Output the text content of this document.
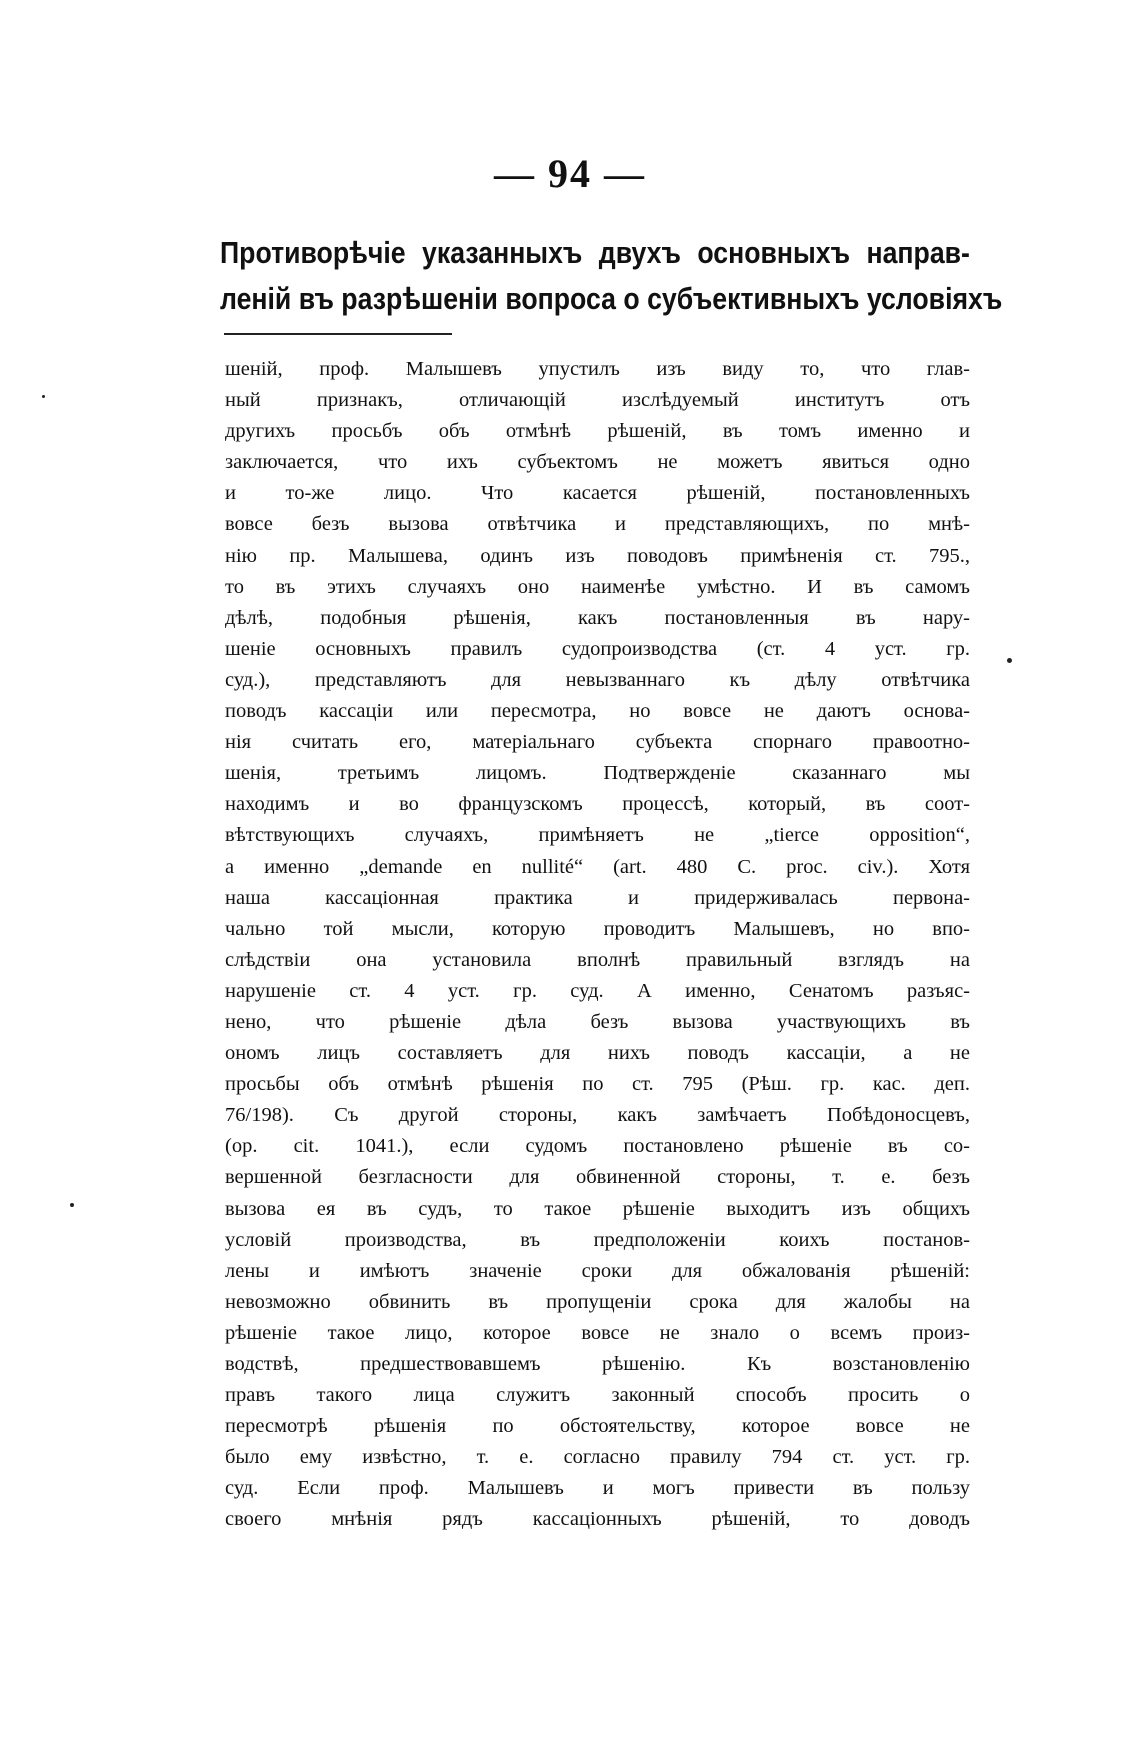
— 94 —
Противорѣчіе указанныхъ двухъ основныхъ направ-
леній въ разрѣшеніи вопроса о субъективныхъ условіяхъ
шеній, проф. Малышевъ упустилъ изъ виду то, что глав-
ный признакъ, отличающій изслѣдуемый институтъ отъ
другихъ просьбъ объ отмѣнѣ рѣшеній, въ томъ именно и
заключается, что ихъ субъектомъ не можетъ явиться одно
и то-же лицо. Что касается рѣшеній, постановленныхъ
вовсе безъ вызова отвѣтчика и представляющихъ, по мнѣ-
нію пр. Малышева, одинъ изъ поводовъ примѣненія ст. 795.,
то въ этихъ случаяхъ оно наименѣе умѣстно. И въ самомъ
дѣлѣ, подобныя рѣшенія, какъ постановленныя въ нару-
шеніе основныхъ правилъ судопроизводства (ст. 4 уст. гр.
суд.), представляютъ для невызваннаго къ дѣлу отвѣтчика
поводъ кассаціи или пересмотра, но вовсе не даютъ основа-
нія считать его, матеріальнаго субъекта спорнаго правоотно-
шенія, третьимъ лицомъ. Подтвержденіе сказаннаго мы
находимъ и во французскомъ процессѣ, который, въ соот-
вѣтствующихъ случаяхъ, примѣняетъ не „tierce opposition“,
а именно „demande en nullité“ (art. 480 C. proc. civ.). Хотя
наша кассаціонная практика и придерживалась первона-
чально той мысли, которую проводитъ Малышевъ, но впо-
слѣдствіи она установила вполнѣ правильный взглядъ на
нарушеніе ст. 4 уст. гр. суд. А именно, Сенатомъ разъяс-
нено, что рѣшеніе дѣла безъ вызова участвующихъ въ
ономъ лицъ составляетъ для нихъ поводъ кассаціи, а не
просьбы объ отмѣнѣ рѣшенія по ст. 795 (Рѣш. гр. кас. деп.
76/198). Съ другой стороны, какъ замѣчаетъ Побѣдоносцевъ,
(op. cit. 1041.), если судомъ постановлено рѣшеніе въ со-
вершенной безгласности для обвиненной стороны, т. е. безъ
вызова ея въ судъ, то такое рѣшеніе выходитъ изъ общихъ
условій производства, въ предположеніи коихъ постанов-
лены и имѣютъ значеніе сроки для обжалованія рѣшеній:
невозможно обвинить въ пропущеніи срока для жалобы на
рѣшеніе такое лицо, которое вовсе не знало о всемъ произ-
водствѣ, предшествовавшемъ рѣшенію. Къ возстановленію
правъ такого лица служитъ законный способъ просить о
пересмотрѣ рѣшенія по обстоятельству, которое вовсе не
было ему извѣстно, т. е. согласно правилу 794 ст. уст. гр.
суд. Если проф. Малышевъ и могъ привести въ пользу
своего мнѣнія рядъ кассаціонныхъ рѣшеній, то доводъ
